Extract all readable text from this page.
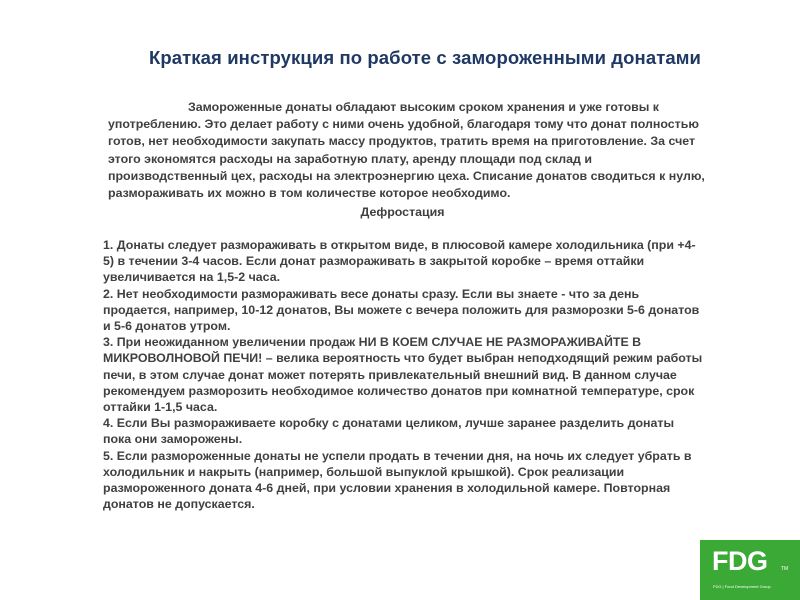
Краткая инструкция по работе с замороженными донатами

Замороженные донаты обладают высоким сроком хранения и уже готовы к употреблению. Это делает работу с ними очень удобной, благодаря тому что донат полностью готов, нет необходимости закупать массу продуктов, тратить время на приготовление. За счет этого экономятся расходы на заработную плату, аренду площади под склад и производственный цех, расходы на электроэнергию цеха. Списание донатов сводиться к нулю, размораживать их можно в том количестве которое необходимо.

Дефростация

1. Донаты следует размораживать в открытом виде, в плюсовой камере холодильника (при +4-5) в течении 3-4 часов. Если донат размораживать в закрытой коробке – время оттайки увеличивается на 1,5-2 часа.

2. Нет необходимости размораживать весе донаты сразу. Если вы знаете - что за день продается, например, 10-12 донатов, Вы можете с вечера положить для разморозки 5-6 донатов и 5-6 донатов утром.

3. При неожиданном увеличении продаж НИ В КОЕМ СЛУЧАЕ НЕ РАЗМОРАЖИВАЙТЕ В МИКРОВОЛНОВОЙ ПЕЧИ! – велика вероятность что будет выбран неподходящий режим работы печи, в этом случае донат может потерять привлекательный внешний вид. В данном случае рекомендуем разморозить необходимое количество донатов при комнатной температуре, срок оттайки 1-1,5 часа.

4. Если Вы размораживаете коробку с донатами целиком, лучше заранее разделить донаты пока они заморожены.

5. Если размороженные донаты не успели продать в течении дня, на ночь их следует убрать в холодильник и накрыть (например, большой выпуклой крышкой). Срок реализации размороженного доната 4-6 дней, при условии хранения в холодильной камере. Повторная донатов не допускается.

FDG	TM
FDG | Food Development Group
